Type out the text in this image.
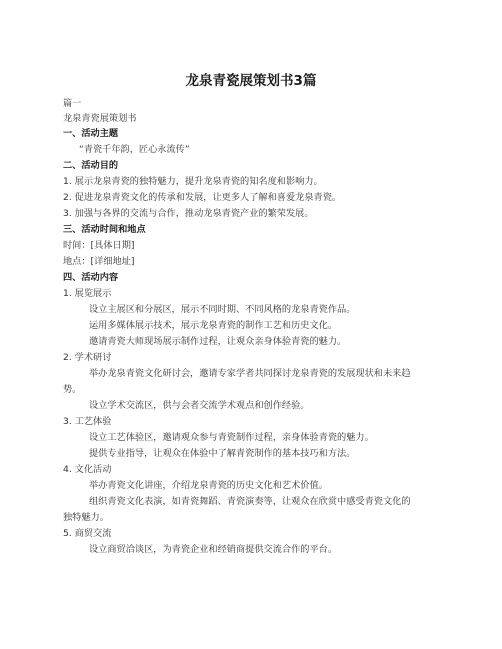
龙泉青瓷展策划书3篇
篇一
龙泉青瓷展策划书
一、活动主题
“青瓷千年韵，匠心永流传”
二、活动目的
1. 展示龙泉青瓷的独特魅力，提升龙泉青瓷的知名度和影响力。
2. 促进龙泉青瓷文化的传承和发展，让更多人了解和喜爱龙泉青瓷。
3. 加强与各界的交流与合作，推动龙泉青瓷产业的繁荣发展。
三、活动时间和地点
时间：[具体日期]
地点：[详细地址]
四、活动内容
1. 展览展示
设立主展区和分展区，展示不同时期、不同风格的龙泉青瓷作品。
运用多媒体展示技术，展示龙泉青瓷的制作工艺和历史文化。
邀请青瓷大师现场展示制作过程，让观众亲身体验青瓷的魅力。
2. 学术研讨
举办龙泉青瓷文化研讨会，邀请专家学者共同探讨龙泉青瓷的发展现状和未来趋
势。
设立学术交流区，供与会者交流学术观点和创作经验。
3. 工艺体验
设立工艺体验区，邀请观众参与青瓷制作过程，亲身体验青瓷的魅力。
提供专业指导，让观众在体验中了解青瓷制作的基本技巧和方法。
4. 文化活动
举办青瓷文化讲座，介绍龙泉青瓷的历史文化和艺术价值。
组织青瓷文化表演，如青瓷舞蹈、青瓷演奏等，让观众在欣赏中感受青瓷文化的
独特魅力。
5. 商贸交流
设立商贸洽谈区，为青瓷企业和经销商提供交流合作的平台。
